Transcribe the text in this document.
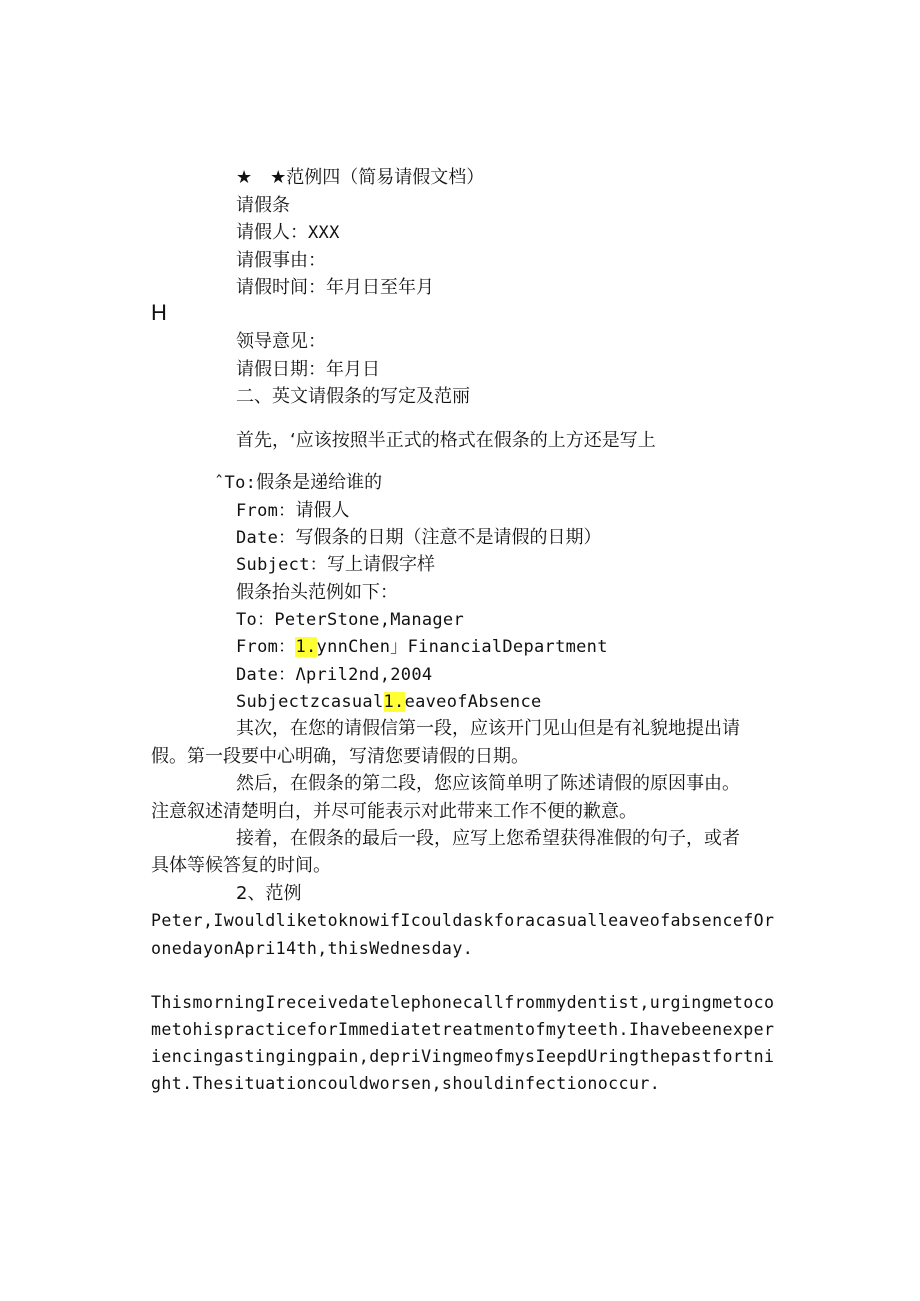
★　★范例四（简易请假文档）
请假条
请假人：XXX
请假事由：
请假时间：年月日至年月
H
领导意见：
请假日期：年月日
二、英文请假条的写定及范丽
首先，‘应该按照半正式的格式在假条的上方还是写上
ˆTo:假条是递给谁的
From：请假人
Date：写假条的日期（注意不是请假的日期）
Subject：写上请假字样
假条抬头范例如下：
To：PeterStone,Manager
From：1.ynnChen」FinancialDepartment
Date：Λpril2nd,2004
Subjectzcasual1.eaveofAbsence
其次，在您的请假信第一段，应该开门见山但是有礼貌地提出请
假。第一段要中心明确，写清您要请假的日期。
然后，在假条的第二段，您应该简单明了陈述请假的原因事由。
注意叙述清楚明白，并尽可能表示对此带来工作不便的歉意。
接着，在假条的最后一段，应写上您希望获得准假的句子，或者
具体等候答复的时间。
2、范例
Peter,IwouldliketoknowifIcouldaskforacasualleaveofabsencefOr
onedayonApri14th,thisWednesday.
ThismorningIreceivedatelephonecallfrommydentist,urgingmetoco
metohispracticeforImmediatetreatmentofmyteeth.Ihavebeenexper
iencingastingingpain,depriVingmeofmysIeepdUringthepastfortni
ght.Thesituationcouldworsen,shouldinfectionoccur.
